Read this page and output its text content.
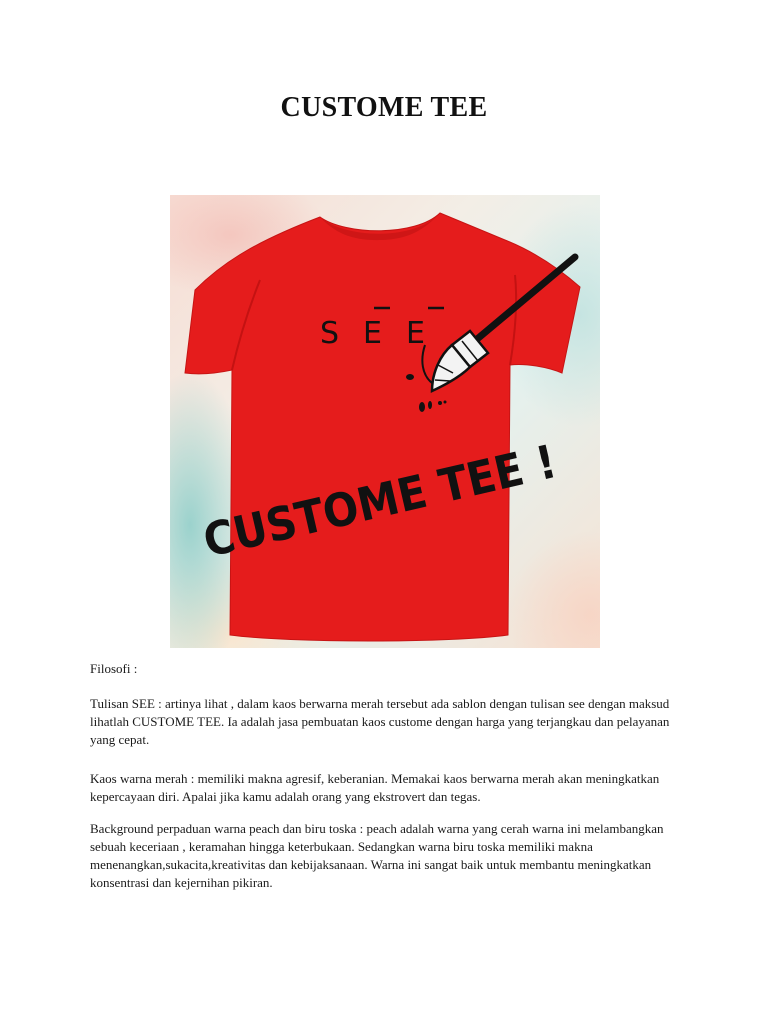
CUSTOME TEE
SEE
CUSTOME TEE !
Filosofi :

Tulisan SEE : artinya lihat , dalam kaos berwarna merah tersebut ada sablon dengan tulisan see dengan maksud lihatlah CUSTOME TEE. Ia adalah jasa pembuatan kaos custome dengan harga yang terjangkau dan pelayanan yang cepat.

Kaos warna merah : memiliki makna agresif, keberanian. Memakai kaos berwarna merah akan meningkatkan kepercayaan diri. Apalai jika kamu adalah orang yang ekstrovert dan tegas.

Background perpaduan warna peach dan biru toska : peach adalah warna yang cerah warna ini melambangkan sebuah keceriaan , keramahan hingga keterbukaan. Sedangkan warna biru toska memiliki makna menenangkan,sukacita,kreativitas dan kebijaksanaan. Warna ini sangat baik untuk membantu meningkatkan konsentrasi dan kejernihan pikiran.
